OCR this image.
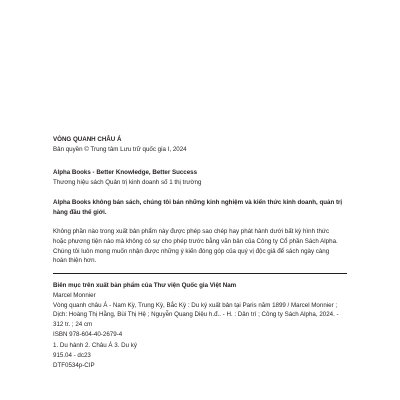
VÒNG QUANH CHÂU Á
Bản quyền © Trung tâm Lưu trữ quốc gia I, 2024
Alpha Books - Better Knowledge, Better Success
Thương hiệu sách Quản trị kinh doanh số 1 thị trường
Alpha Books không bán sách, chúng tôi bán những kinh nghiệm và kiến thức kinh doanh, quản trị
hàng đầu thế giới.
Không phần nào trong xuất bản phẩm này được phép sao chép hay phát hành dưới bất kỳ hình thức
hoặc phương tiện nào mà không có sự cho phép trước bằng văn bản của Công ty Cổ phần Sách Alpha.
Chúng tôi luôn mong muốn nhận được những ý kiến đóng góp của quý vị độc giả để sách ngày càng
hoàn thiện hơn.
Biên mục trên xuất bản phẩm của Thư viện Quốc gia Việt Nam
Marcel Monnier
Vòng quanh châu Á - Nam Kỳ, Trung Kỳ, Bắc Kỳ : Du ký xuất bản tại Paris năm 1899 / Marcel Monnier ;
Dịch: Hoàng Thị Hằng, Bùi Thị Hệ ; Nguyễn Quang Diệu h.đ.. - H. : Dân trí ; Công ty Sách Alpha, 2024. -
312 tr. ; 24 cm
ISBN 978-604-40-2679-4
1. Du hành 2. Châu Á 3. Du ký
915.04 - dc23
DTF0534p-CIP
